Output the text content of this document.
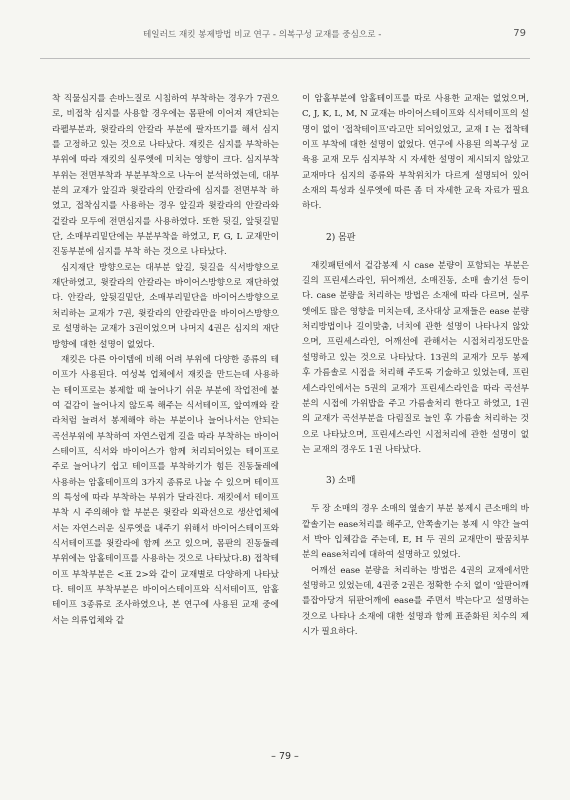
테일러드 재킷 봉제방법 비교 연구 - 의복구성 교재를 중심으로 -	79

착 직물심지를 손바느질로 시침하여 부착하는 경우가 7권으로, 비접착 심지를 사용할 경우에는 몸판에 이어져 재단되는 라펠부분과, 윗칼라의 안칼라 부분에 팔자뜨기를 해서 심지를 고정하고 있는 것으로 나타났다. 재킷은 심지를 부착하는 부위에 따라 재킷의 실루엣에 미치는 영향이 크다. 심지부착부위는 전면부착과 부분부착으로 나누어 분석하였는데, 대부분의 교재가 앞길과 윗칼라의 안칼라에 심지를 전면부착 하였고, 접착심지를 사용하는 경우 앞길과 윗칼라의 안칼라와 겉칼라 모두에 전면심지를 사용하였다. 또한 뒷길, 앞뒷길밑단, 소매부리밑단에는 부분부착을 하였고, F, G, L 교재만이 진동부분에 심지를 부착 하는 것으로 나타났다.

심지재단 방향으로는 대부분 앞길, 뒷길을 식서방향으로 재단하였고, 윗칼라의 안칼라는 바이어스방향으로 재단하였다. 안칼라, 앞뒷길밑단, 소매부리밑단을 바이어스방향으로 처리하는 교재가 7권, 윗칼라의 안칼라만을 바이어스방향으로 설명하는 교재가 3권이었으며 나머지 4권은 심지의 재단방향에 대한 설명이 없었다.

재킷은 다른 아이템에 비해 어려 부위에 다양한 종류의 테이프가 사용된다. 여성복 업체에서 재킷을 만드는데 사용하는 테이프로는 봉제할 때 늘어나기 쉬운 부분에 작업전에 붙여 겉감이 늘어나지 않도록 해주는 식서테이프, 앞여깨와 칼라처럼 늘려서 봉제해야 하는 부분이나 늘어나서는 안되는 곡선부위에 부착하여 자연스럽게 길을 따라 부착하는 바이어스테이프, 식서와 바이어스가 함께 처리되어있는 테이프로 주로 늘어나기 쉽고 테이프를 부착하기가 힘든 진동둘레에 사용하는 암홀테이프의 3가지 종류로 나눌 수 있으며 테이프의 특성에 따라 부착하는 부위가 달라진다. 재킷에서 테이프 부착 시 주의해야 할 부분은 윗칼라 외곽선으로 생산업체에서는 자연스러운 실루엣을 내주기 위해서 바이어스테이프와 식서테이프를 윗칼라에 함께 쓰고 있으며, 몸판의 진동둘레 부위에는 암홀테이프를 사용하는 것으로 나타났다.8) 접착테이프 부착부분은 <표 2>와 같이 교재별로 다양하게 나타났다. 테이프 부착부분은 바이어스테이프와 식서테이프, 암홀테이프 3종류로 조사하였으나, 본 연구에 사용된 교재 중에서는 의류업체와 같

이 암홀부분에 암홀테이프를 따로 사용한 교재는 없었으며, C, J, K, L, M, N 교재는 바이어스테이프와 식서테이프의 설명이 없이 '접착테이프'라고만 되어있었고, 교재 I 는 접착테이프 부착에 대한 설명이 없었다. 연구에 사용된 의복구성 교육용 교재 모두 심지부착 시 자세한 설명이 제시되지 않았고 교재마다 심지의 종류와 부착위치가 다르게 설명되어 있어 소재의 특성과 실루엣에 따른 좀 더 자세한 교육 자료가 필요하다.

2) 몸판

재킷패턴에서 겉감봉제 시 case 분량이 포함되는 부분은 길의 프린세스라인, 뒤어깨선, 소매진동, 소매 솔기선 등이다. case 분량을 처리하는 방법은 소재에 따라 다르며, 실루엣에도 많은 영향을 미치는데, 조사대상 교재들은 ease 분량 처리방법이나 길이맞춤, 너치에 관한 설명이 나타나지 않았으며, 프린세스라인, 어깨선에 관해서는 시접처리정도만을 설명하고 있는 것으로 나타났다. 13권의 교재가 모두 봉제 후 가름솔로 시접을 처리해 주도록 기술하고 있었는데, 프린세스라인에서는 5권의 교재가 프린세스라인을 따라 곡선부분의 시접에 가위밥을 주고 가름솔처리 한다고 하였고, 1권의 교재가 곡선부분을 다림질로 늘인 후 가름솔 처리하는 것으로 나타났으며, 프린세스라인 시접처리에 관한 설명이 없는 교재의 경우도 1권 나타났다.

3) 소매

두 장 소매의 경우 소매의 옆솔기 부분 봉제시 큰소매의 바깥솔기는 ease처리를 해주고, 안쪽솔기는 봉제 시 약간 늘여서 박아 입체감을 주는데, E, H 두 권의 교재만이 팔꿈치부분의 ease처리에 대하여 설명하고 있었다.

어깨선 ease 분량을 처리하는 방법은 4권의 교재에서만 설명하고 있었는데, 4권중 2권은 정확한 수치 없이 '앞판어깨를잡아당겨 뒤판어깨에 ease를 주면서 박는다'고 설명하는 것으로 나타나 소재에 대한 설명과 함께 표준화된 치수의 제시가 필요하다.

– 79 –
